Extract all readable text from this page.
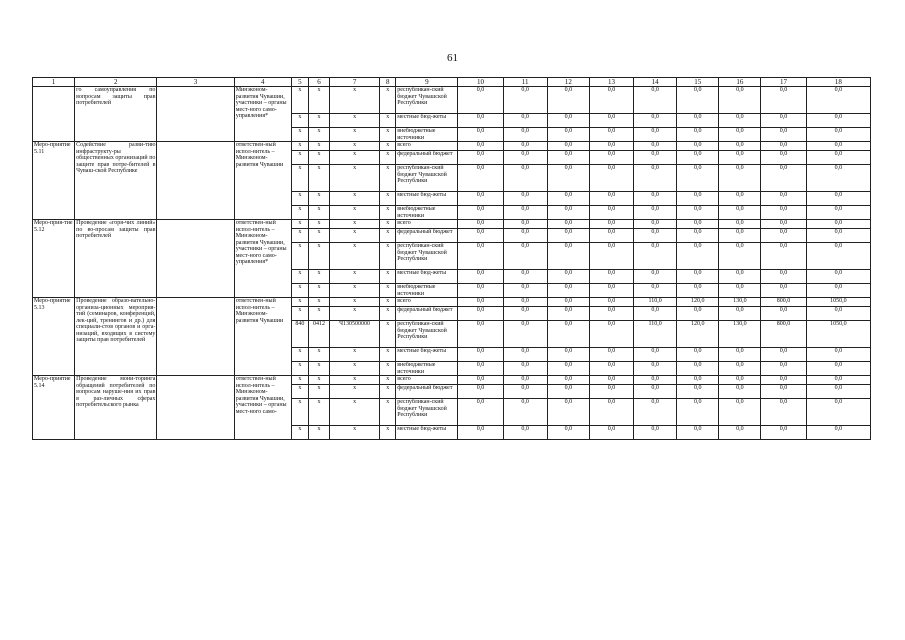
61
1	2	3	4	5	6	7	8	9	10	11	12	13	14	15	16	17	18
	го самоуправления по вопросам защиты прав потребителей		Минэконом-развития Чувашии, участники – органы мест-ного само-управления*	х	х	х	х	республикан-ский бюджет Чувашской Республики	0,0	0,0	0,0	0,0	0,0	0,0	0,0	0,0	0,0
				х	х	х	х	местные бюд-жеты	0,0	0,0	0,0	0,0	0,0	0,0	0,0	0,0	0,0
				х	х	х	х	внебюджетные источники	0,0	0,0	0,0	0,0	0,0	0,0	0,0	0,0	0,0
Меро-приятие 5.11	Содействие разви-тию инфраструкту-ры общественных организаций по защите прав потре-бителей в Чуваш-ской Республике		ответствен-ный испол-нитель – Минэконом-развития Чувашии	х	х	х	х	всего	0,0	0,0	0,0	0,0	0,0	0,0	0,0	0,0	0,0
				х	х	х	х	федеральный бюджет	0,0	0,0	0,0	0,0	0,0	0,0	0,0	0,0	0,0
				х	х	х	х	республикан-ский бюджет Чувашской Республики	0,0	0,0	0,0	0,0	0,0	0,0	0,0	0,0	0,0
				х	х	х	х	местные бюд-жеты	0,0	0,0	0,0	0,0	0,0	0,0	0,0	0,0	0,0
				х	х	х	х	внебюджетные источники	0,0	0,0	0,0	0,0	0,0	0,0	0,0	0,0	0,0
Меро-прия-тие 5.12	Проведение «горя-чих линий» по во-просам защиты прав потребителей		ответствен-ный испол-нитель – Минэконом-развития Чувашии, участники – органы мест-ного само-управления*	х	х	х	х	всего	0,0	0,0	0,0	0,0	0,0	0,0	0,0	0,0	0,0
				х	х	х	х	федеральный бюджет	0,0	0,0	0,0	0,0	0,0	0,0	0,0	0,0	0,0
				х	х	х	х	республикан-ский бюджет Чувашской Республики	0,0	0,0	0,0	0,0	0,0	0,0	0,0	0,0	0,0
				х	х	х	х	местные бюд-жеты	0,0	0,0	0,0	0,0	0,0	0,0	0,0	0,0	0,0
				х	х	х	х	внебюджетные источники	0,0	0,0	0,0	0,0	0,0	0,0	0,0	0,0	0,0
Меро-приятие 5.13	Проведение образо-вательно-организа-ционных мероприя-тий (семинаров, конференций, лек-ций, тренингов и др.) для специали-стов органов и орга-низаций, входящих в систему защиты прав потребителей		ответствен-ный испол-нитель – Минэконом-развития Чувашии	х	х	х	х	всего	0,0	0,0	0,0	0,0	110,0	120,0	130,0	800,0	1050,0
				х	х	х	х	федеральный бюджет	0,0	0,0	0,0	0,0	0,0	0,0	0,0	0,0	0,0
				840	0412	Ч130500000	х	республикан-ский бюджет Чувашской Республики	0,0	0,0	0,0	0,0	110,0	120,0	130,0	800,0	1050,0
				х	х	х	х	местные бюд-жеты	0,0	0,0	0,0	0,0	0,0	0,0	0,0	0,0	0,0
				х	х	х	х	внебюджетные источники	0,0	0,0	0,0	0,0	0,0	0,0	0,0	0,0	0,0
Меро-приятие 5.14	Проведение мони-торинга обращений потребителей по вопросам наруше-ния их прав в раз-личных сферах потребительского рынка		ответствен-ный испол-нитель – Минэконом-развития Чувашии, участники – органы мест-ного само-	х	х	х	х	всего	0,0	0,0	0,0	0,0	0,0	0,0	0,0	0,0	0,0
				х	х	х	х	федеральный бюджет	0,0	0,0	0,0	0,0	0,0	0,0	0,0	0,0	0,0
				х	х	х	х	республикан-ский бюджет Чувашской Республики	0,0	0,0	0,0	0,0	0,0	0,0	0,0	0,0	0,0
				х	х	х	х	местные бюд-жеты	0,0	0,0	0,0	0,0	0,0	0,0	0,0	0,0	0,0
